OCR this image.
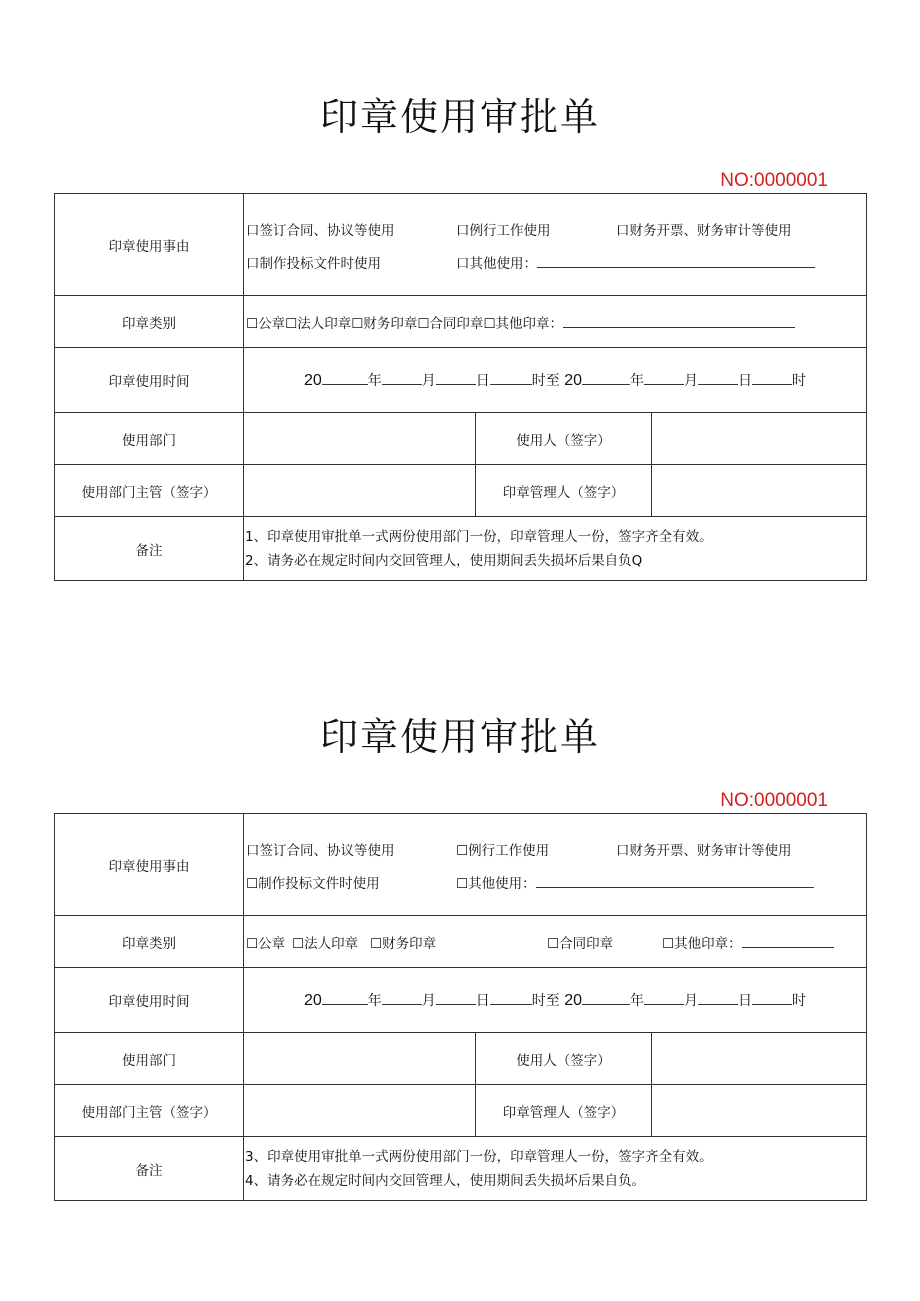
印章使用审批单
NO:0000001
印章使用事由	口签订合同、协议等使用 口例行工作使用 口财务开票、财务审计等使用
口制作投标文件时使用 口其他使用：		

印章类别	☐公章☐法人印章☐财务印章☐合同印章☐其他印章：		

印章使用时间	20 年 月 日 时至 20 年 月 日 时		

使用部门		使用人（签字）	
使用部门主管（签字）		印章管理人（签字）	
备注	1、印章使用审批单一式两份使用部门一份，印章管理人一份，签字齐全有效。
2、请务必在规定时间内交回管理人，使用期间丢失损坏后果自负Q		
印章使用审批单
NO:0000001
印章使用事由	口签订合同、协议等使用 ☐例行工作使用 口财务开票、财务审计等使用
☐制作投标文件时使用 ☐其他使用：		

印章类别	☐公章 ☐法人印章 ☐财务印章 ☐合同印章 ☐其他印章：		

印章使用时间	20 年 月 日 时至 20 年 月 日 时		

使用部门		使用人（签字）	
使用部门主管（签字）		印章管理人（签字）	
备注	3、印章使用审批单一式两份使用部门一份，印章管理人一份，签字齐全有效。
4、请务必在规定时间内交回管理人，使用期间丢失损坏后果自负。		
